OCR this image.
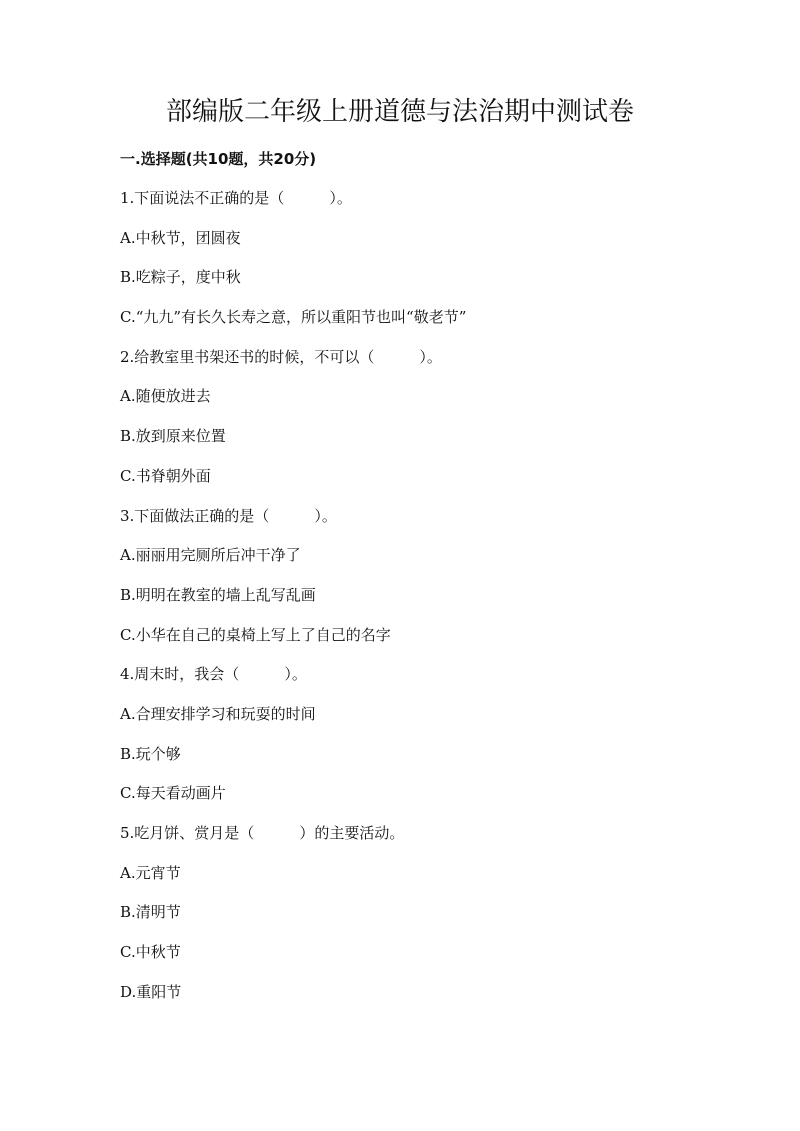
部编版二年级上册道德与法治期中测试卷
一.选择题(共10题，共20分)
1.下面说法不正确的是（　　　）。
A.中秋节，团圆夜
B.吃粽子，度中秋
C.“九九”有长久长寿之意，所以重阳节也叫“敬老节”
2.给教室里书架还书的时候，不可以（　　　）。
A.随便放进去
B.放到原来位置
C.书脊朝外面
3.下面做法正确的是（　　　）。
A.丽丽用完厕所后冲干净了
B.明明在教室的墙上乱写乱画
C.小华在自己的桌椅上写上了自己的名字
4.周末时，我会（　　　）。
A.合理安排学习和玩耍的时间
B.玩个够
C.每天看动画片
5.吃月饼、赏月是（　　　）的主要活动。
A.元宵节
B.清明节
C.中秋节
D.重阳节
